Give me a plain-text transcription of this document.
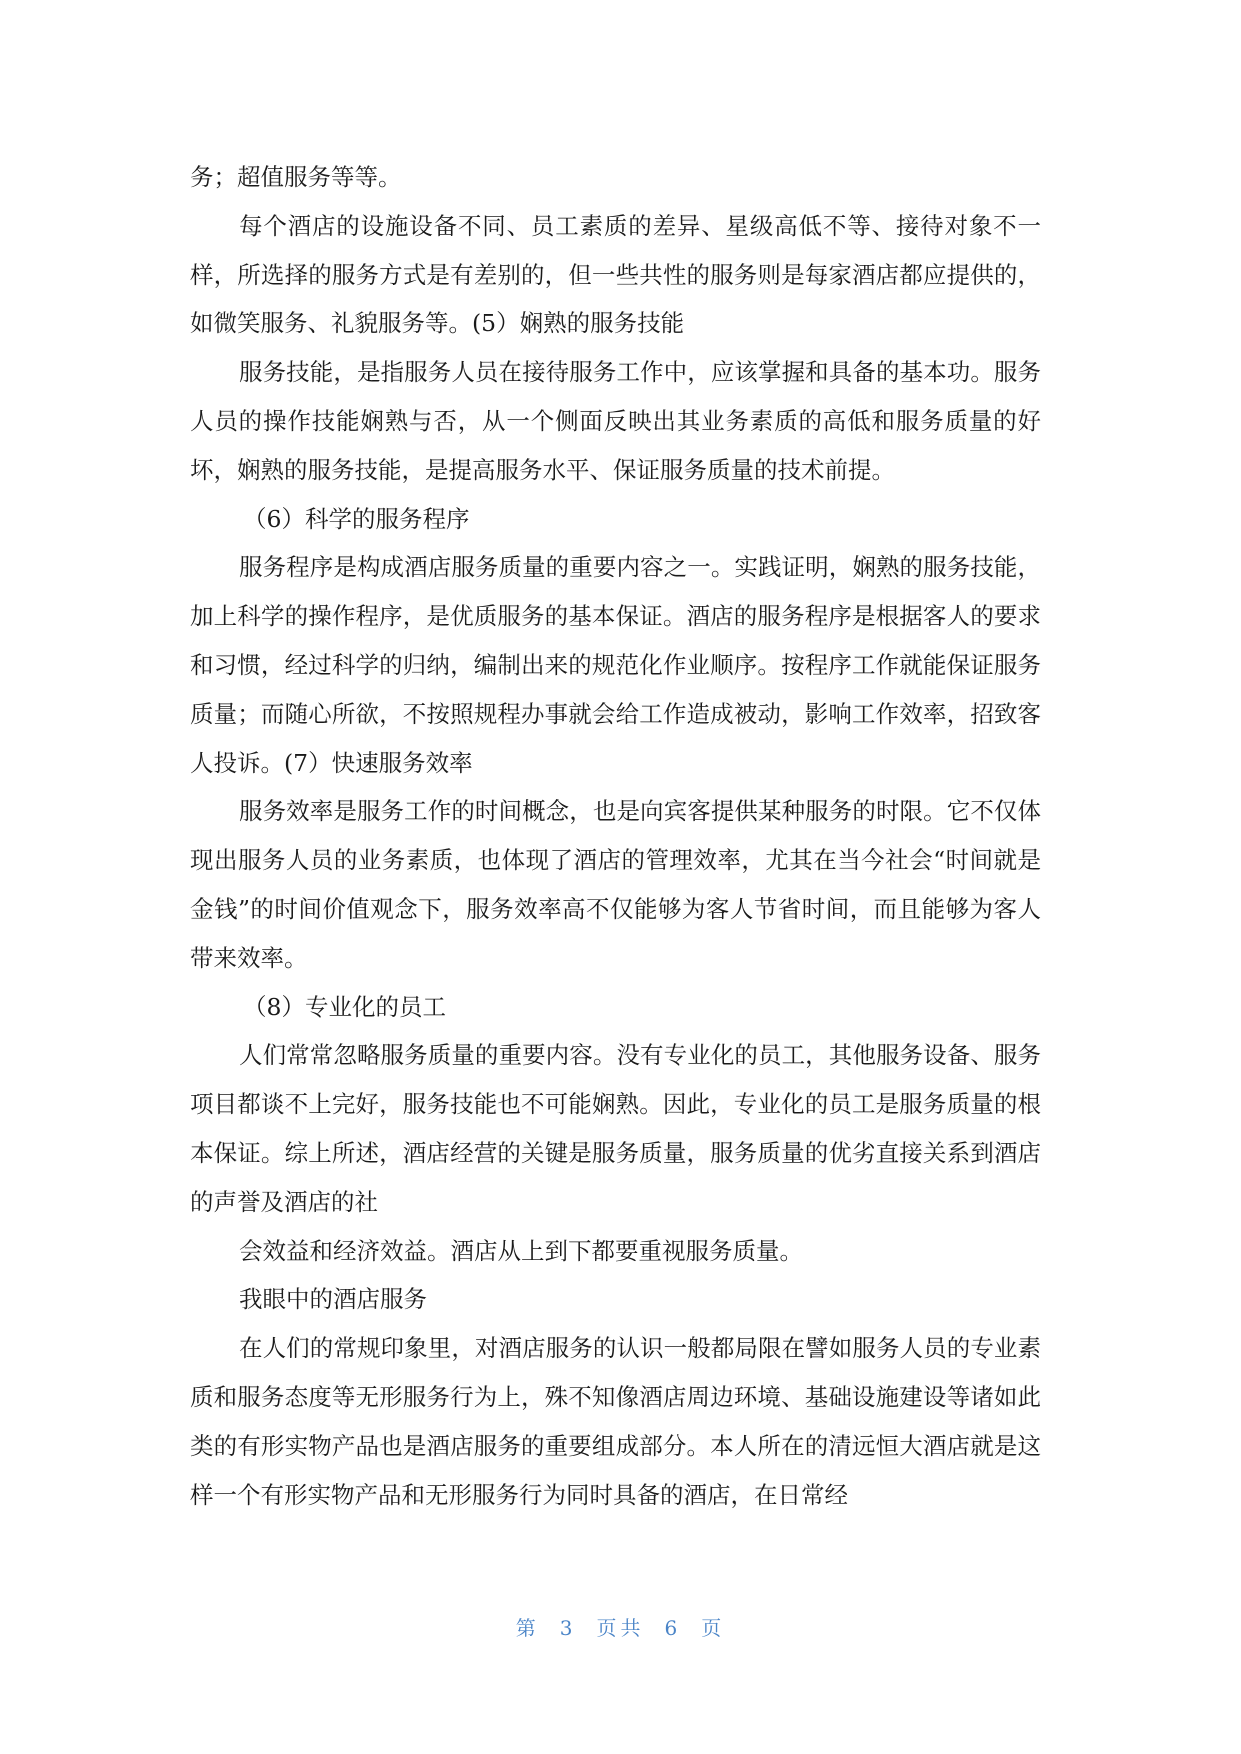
务；超值服务等等。

每个酒店的设施设备不同、员工素质的差异、星级高低不等、接待对象不一样，所选择的服务方式是有差别的，但一些共性的服务则是每家酒店都应提供的，如微笑服务、礼貌服务等。(5）娴熟的服务技能

服务技能，是指服务人员在接待服务工作中，应该掌握和具备的基本功。服务人员的操作技能娴熟与否，从一个侧面反映出其业务素质的高低和服务质量的好坏，娴熟的服务技能，是提高服务水平、保证服务质量的技术前提。

（6）科学的服务程序

服务程序是构成酒店服务质量的重要内容之一。实践证明，娴熟的服务技能，加上科学的操作程序，是优质服务的基本保证。酒店的服务程序是根据客人的要求和习惯，经过科学的归纳，编制出来的规范化作业顺序。按程序工作就能保证服务质量；而随心所欲，不按照规程办事就会给工作造成被动，影响工作效率，招致客人投诉。(7）快速服务效率

服务效率是服务工作的时间概念，也是向宾客提供某种服务的时限。它不仅体现出服务人员的业务素质，也体现了酒店的管理效率，尤其在当今社会“时间就是金钱”的时间价值观念下，服务效率高不仅能够为客人节省时间，而且能够为客人带来效率。

（8）专业化的员工

人们常常忽略服务质量的重要内容。没有专业化的员工，其他服务设备、服务项目都谈不上完好，服务技能也不可能娴熟。因此，专业化的员工是服务质量的根本保证。综上所述，酒店经营的关键是服务质量，服务质量的优劣直接关系到酒店的声誉及酒店的社

会效益和经济效益。酒店从上到下都要重视服务质量。

我眼中的酒店服务

在人们的常规印象里，对酒店服务的认识一般都局限在譬如服务人员的专业素质和服务态度等无形服务行为上，殊不知像酒店周边环境、基础设施建设等诸如此类的有形实物产品也是酒店服务的重要组成部分。本人所在的清远恒大酒店就是这样一个有形实物产品和无形服务行为同时具备的酒店，在日常经

第 3 页共 6 页
